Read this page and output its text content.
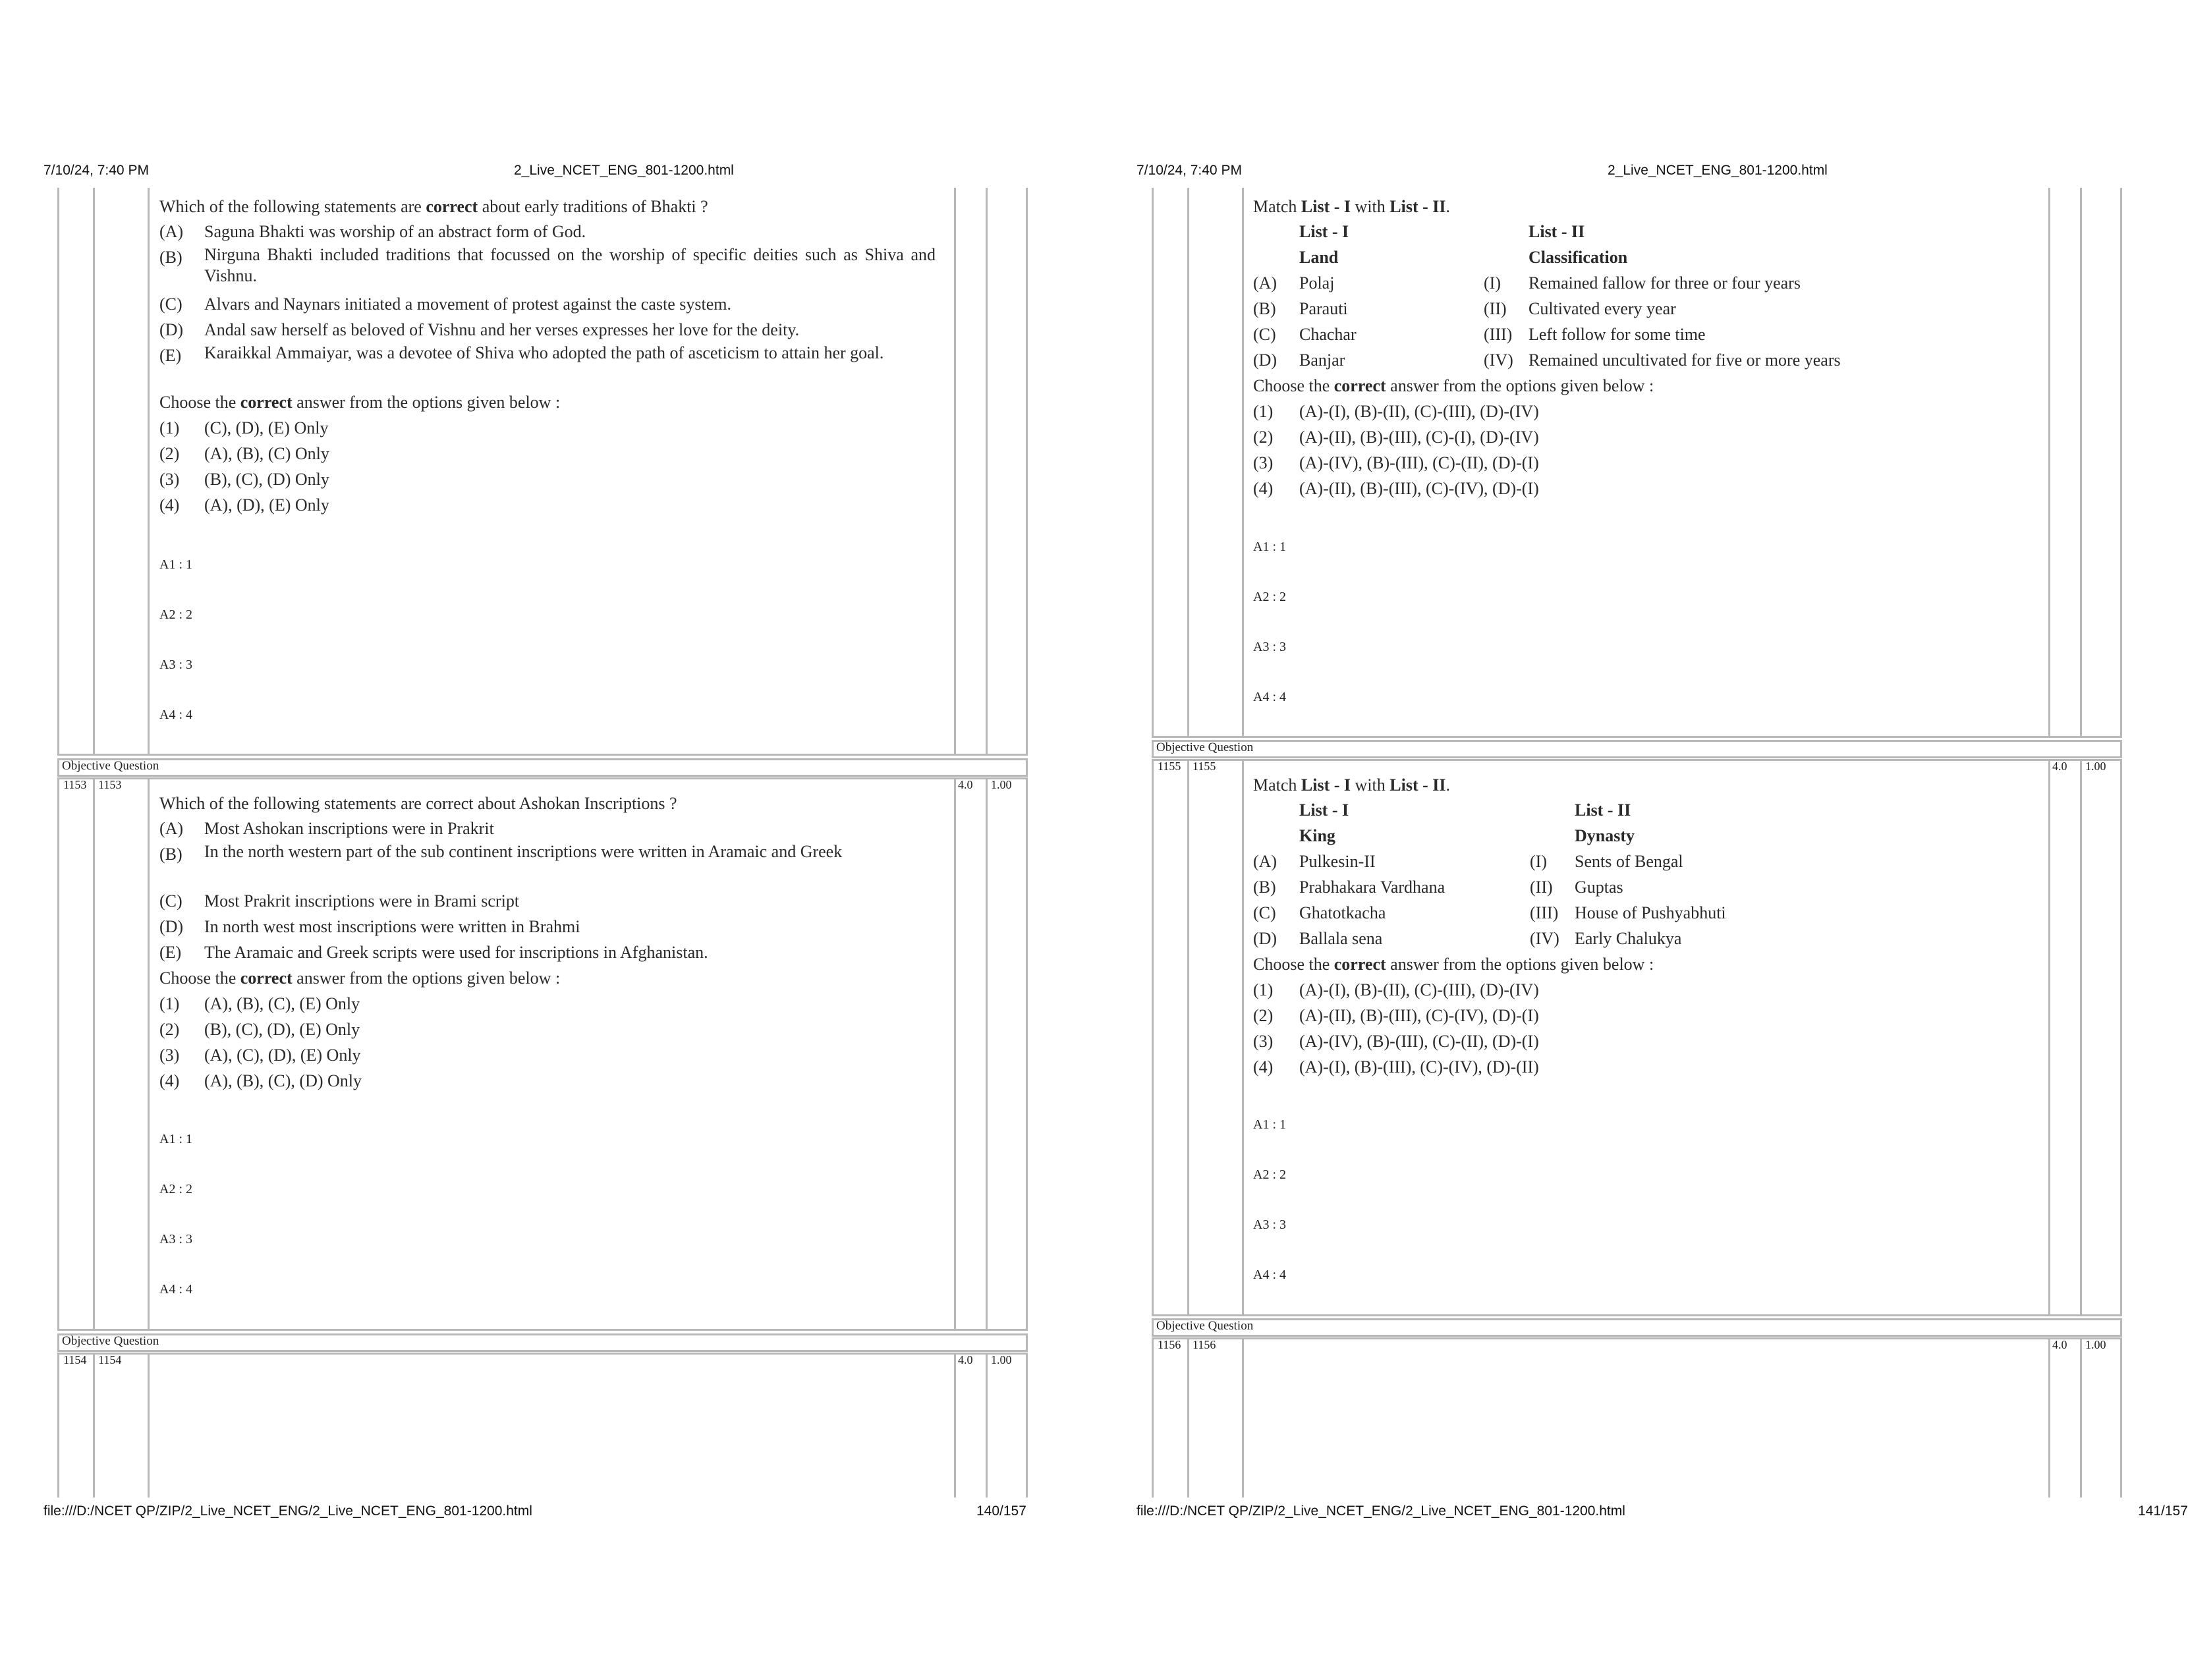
7/10/24, 7:40 PM	2_Live_NCET_ENG_801-1200.html
Objective Question
1153 1153	4.0 1.00
Objective Question
1154 1154	4.0 1.00
Which of the following statements are correct about early traditions of Bhakti ?
(A) Saguna Bhakti was worship of an abstract form of God.
(B) Nirguna Bhakti included traditions that focussed on the worship of specific deities such as Shiva and Vishnu.
(C) Alvars and Naynars initiated a movement of protest against the caste system.
(D) Andal saw herself as beloved of Vishnu and her verses expresses her love for the deity.
(E) Karaikkal Ammaiyar, was a devotee of Shiva who adopted the path of asceticism to attain her goal.
Choose the correct answer from the options given below :
(1) (C), (D), (E) Only
(2) (A), (B), (C) Only
(3) (B), (C), (D) Only
(4) (A), (D), (E) Only
A1 : 1
A2 : 2
A3 : 3
A4 : 4
Which of the following statements are correct about Ashokan Inscriptions ?
(A) Most Ashokan inscriptions were in Prakrit
(B) In the north western part of the sub continent inscriptions were written in Aramaic and Greek
(C) Most Prakrit inscriptions were in Brami script
(D) In north west most inscriptions were written in Brahmi
(E) The Aramaic and Greek scripts were used for inscriptions in Afghanistan.
Choose the correct answer from the options given below :
(1) (A), (B), (C), (E) Only
(2) (B), (C), (D), (E) Only
(3) (A), (C), (D), (E) Only
(4) (A), (B), (C), (D) Only
A1 : 1
A2 : 2
A3 : 3
A4 : 4
file:///D:/NCET QP/ZIP/2_Live_NCET_ENG/2_Live_NCET_ENG_801-1200.html	140/157
7/10/24, 7:40 PM	2_Live_NCET_ENG_801-1200.html
Objective Question
1155 1155	4.0 1.00
Objective Question
1156 1156	4.0 1.00
Match List - I with List - II.
List - I	List - II
Land	Classification
(A) Polaj	(I) Remained fallow for three or four years
(B) Parauti	(II) Cultivated every year
(C) Chachar	(III) Left follow for some time
(D) Banjar	(IV) Remained uncultivated for five or more years
Choose the correct answer from the options given below :
(1) (A)-(I), (B)-(II), (C)-(III), (D)-(IV)
(2) (A)-(II), (B)-(III), (C)-(I), (D)-(IV)
(3) (A)-(IV), (B)-(III), (C)-(II), (D)-(I)
(4) (A)-(II), (B)-(III), (C)-(IV), (D)-(I)
A1 : 1
A2 : 2
A3 : 3
A4 : 4
Match List - I with List - II.
List - I	List - II
King	Dynasty
(A) Pulkesin-II	(I) Sents of Bengal
(B) Prabhakara Vardhana	(II) Guptas
(C) Ghatotkacha	(III) House of Pushyabhuti
(D) Ballala sena	(IV) Early Chalukya
Choose the correct answer from the options given below :
(1) (A)-(I), (B)-(II), (C)-(III), (D)-(IV)
(2) (A)-(II), (B)-(III), (C)-(IV), (D)-(I)
(3) (A)-(IV), (B)-(III), (C)-(II), (D)-(I)
(4) (A)-(I), (B)-(III), (C)-(IV), (D)-(II)
A1 : 1
A2 : 2
A3 : 3
A4 : 4
file:///D:/NCET QP/ZIP/2_Live_NCET_ENG/2_Live_NCET_ENG_801-1200.html	141/157
